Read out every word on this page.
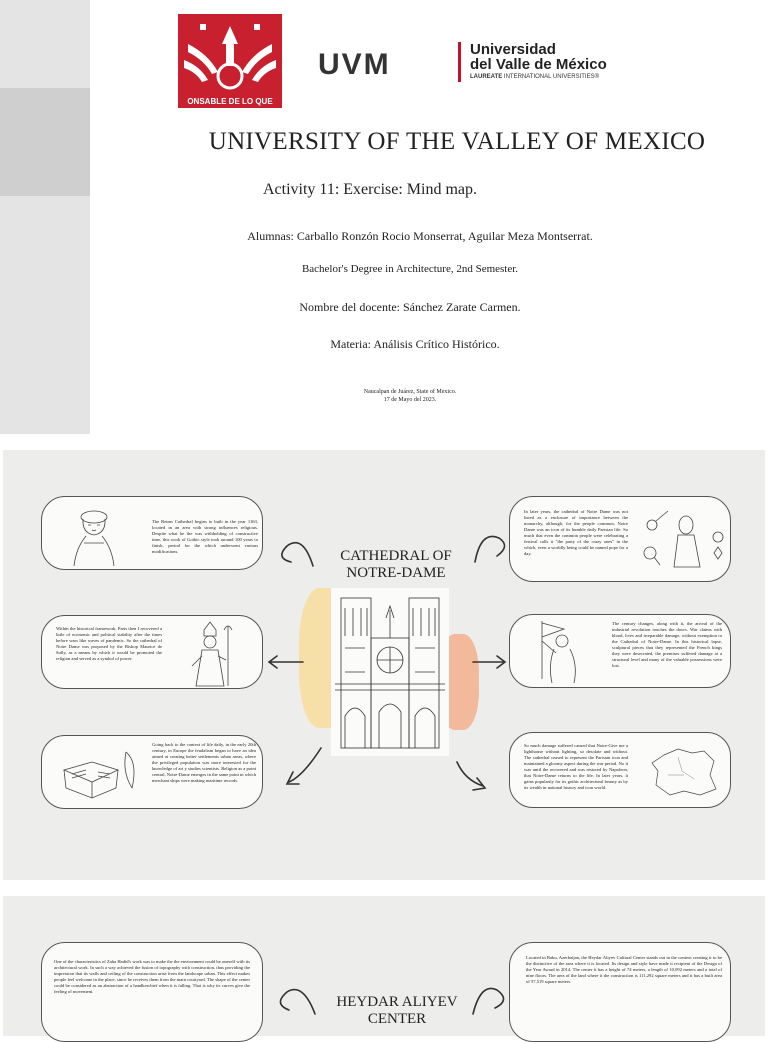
ONSABLE DE LO QUE
UVM	Universidad
del Valle de México
LAUREATE INTERNATIONAL UNIVERSITIES®
UNIVERSITY OF THE VALLEY OF MEXICO
Activity 11: Exercise: Mind map.
Alumnas: Carballo Ronzón Rocio Monserrat, Aguilar Meza Montserrat.
Bachelor's Degree in Architecture, 2nd Semester.
Nombre del docente: Sánchez Zarate Carmen.
Materia: Análisis Crítico Histórico.
Naucalpan de Juárez, State of Mexico.
17 de Mayo del 2023.
The Reims Cathedral begins to built in the year 1163, located in an area with strong influences religious. Despite what he the was withholding of constructive time, this work of Gothic style took around 100 years to finish, period for the which underwent various modifications.
Within the historical framework, Paris then I recovered a little of economic and political stability after the times before wars like waves of pandemic. So the cathedral of Notre Dame was proposed by the Bishop Maurice de Sully, as a means by which it would be promoted the religion and served as a symbol of power.
Going back to the context of life daily, in the early 20th century, in Europe the feudalism began to have an idea aimed at creating better settlements urban areas, where the privileged population was more interested for the knowledge of art y studies scientists. Religion as a point central, Notre-Dame emerges in the same point in which merchant ships were making maritime records.
In later years, the cathedral of Notre Dame was not listed as a enclosure of importance between the monarchy, although, for the people common, Notre Dame was an icon of its humble daily Parisian life. So much that even the common people were celebrating a festival calls it "the party of the crazy ones" in the which, even a worldly being could be named pope for a day.
The century changes, along with it, the arrival of the industrial revolution touches the doors. War claims with blood, lives and irreparable damage, without exemption to the Cathedral of Notre-Dame. In this historical lapse, sculptural pieces that they represented the French kings they were desecrated, the premises suffered damage at a structural level and many of the valuable possessions were lost.
So much damage suffered caused that Notre-Give me a lighthouse without lighting, so desolate and without. The cathedral ceased to represent the Parisian icon and maintained a gloomy aspect during the war period. No it was until the recovered and was restored by Napoleon, that Notre-Dame returns to the life. In later years, it gains popularity for its gothic architectural beauty as by its wealth in national history and icon world.
CATHEDRAL OF
NOTRE-DAME
One of the characteristics of Zaha Hadid's work was to make the the environment could be oneself with its architectural work. In such a way achieved the fusion of topography with construction, thus providing the impression that its walls and ceiling of the construction arise from the landscape urban. This effect makes people feel welcome in the place, since he receives them from the main courtyard. The shape of the center could be considered as an abstraction of a handkerchief when it is falling. That is why its curves give the feeling of movement.
Located in Baku, Azerbaijan, the Heydar Aliyev Cultural Center stands out in the context creating it to be the distinctive of the area where it is located. Its design and style have made it recipient of the Design of the Year Award in 2014. The center it has a height of 74 meters, a length of 10,092 meters and a total of nine floors. The area of the land where it the construction is 111,292 square meters and it has a built area of 57,519 square meters.
HEYDAR ALIYEV
CENTER
